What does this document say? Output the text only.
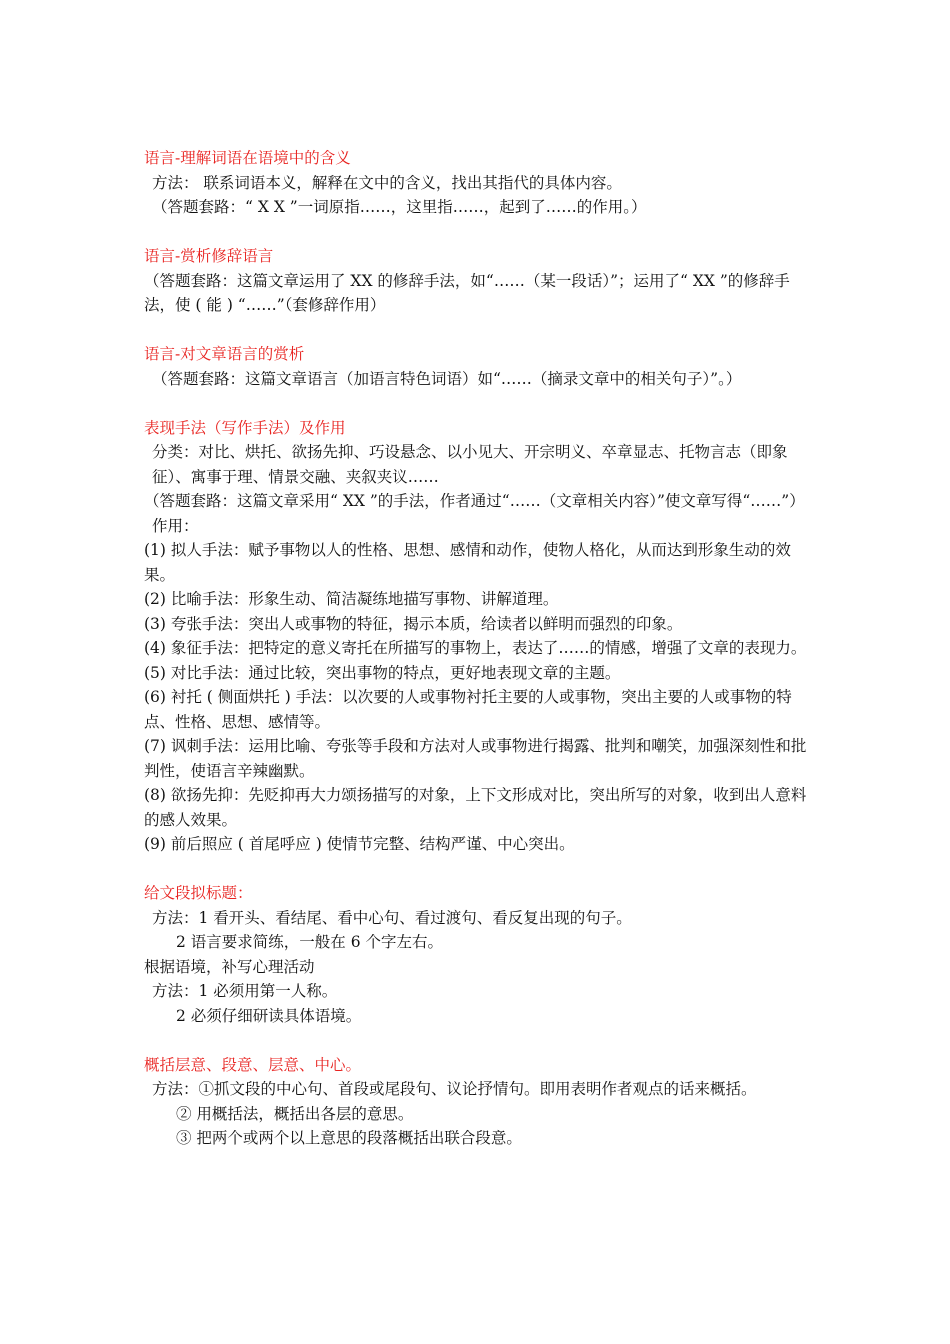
语言-理解词语在语境中的含义
方法： 联系词语本义，解释在文中的含义，找出其指代的具体内容。
（答题套路：“ X X ”一词原指……，这里指……，起到了……的作用。）
语言-赏析修辞语言
（答题套路：这篇文章运用了 XX 的修辞手法，如“……（某一段话）”；运用了“ XX ”的修辞手法，使 ( 能 ) “……”（套修辞作用）
语言-对文章语言的赏析
（答题套路：这篇文章语言（加语言特色词语）如“……（摘录文章中的相关句子）”。）
表现手法（写作手法）及作用
分类：对比、烘托、欲扬先抑、巧设悬念、以小见大、开宗明义、卒章显志、托物言志（即象征）、寓事于理、情景交融、夹叙夹议……
（答题套路：这篇文章采用“ XX ”的手法，作者通过“……（文章相关内容）”使文章写得“……”）
作用：
(1) 拟人手法：赋予事物以人的性格、思想、感情和动作，使物人格化，从而达到形象生动的效果。
(2) 比喻手法：形象生动、简洁凝练地描写事物、讲解道理。
(3) 夸张手法：突出人或事物的特征，揭示本质，给读者以鲜明而强烈的印象。
(4) 象征手法：把特定的意义寄托在所描写的事物上，表达了……的情感，增强了文章的表现力。
(5) 对比手法：通过比较，突出事物的特点，更好地表现文章的主题。
(6) 衬托 ( 侧面烘托 ) 手法：以次要的人或事物衬托主要的人或事物，突出主要的人或事物的特点、性格、思想、感情等。
(7) 讽刺手法：运用比喻、夸张等手段和方法对人或事物进行揭露、批判和嘲笑，加强深刻性和批判性，使语言辛辣幽默。
(8) 欲扬先抑：先贬抑再大力颂扬描写的对象，上下文形成对比，突出所写的对象，收到出人意料的感人效果。
(9) 前后照应 ( 首尾呼应 ) 使情节完整、结构严谨、中心突出。
给文段拟标题：
方法：1 看开头、看结尾、看中心句、看过渡句、看反复出现的句子。
2 语言要求简练，一般在 6 个字左右。
根据语境，补写心理活动
方法：1 必须用第一人称。
2 必须仔细研读具体语境。
概括层意、段意、层意、中心。
方法：①抓文段的中心句、首段或尾段句、议论抒情句。即用表明作者观点的话来概括。
② 用概括法，概括出各层的意思。
③ 把两个或两个以上意思的段落概括出联合段意。
